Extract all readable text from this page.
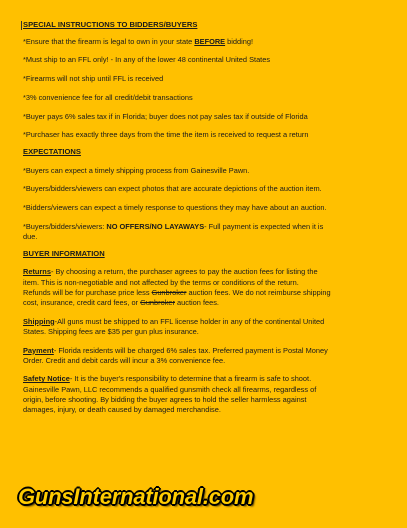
SPECIAL INSTRUCTIONS TO BIDDERS/BUYERS

*Ensure that the firearm is legal to own in your state BEFORE bidding!

*Must ship to an FFL only! - In any of the lower 48 continental United States

*Firearms will not ship until FFL is received

*3% convenience fee for all credit/debit transactions

*Buyer pays 6% sales tax if in Florida; buyer does not pay sales tax if outside of Florida

*Purchaser has exactly three days from the time the item is received to request a return

EXPECTATIONS

*Buyers can expect a timely shipping process from Gainesville Pawn.

*Buyers/bidders/viewers can expect photos that are accurate depictions of the auction item.

*Bidders/viewers can expect a timely response to questions they may have about an auction.

*Buyers/bidders/viewers: NO OFFERS/NO LAYAWAYS- Full payment is expected when it is

due.

BUYER INFORMATION

Returns- By choosing a return, the purchaser agrees to pay the auction fees for listing the

item. This is non-negotiable and not affected by the terms or conditions of the return.

Refunds will be for purchase price less Gunbroker auction fees. We do not reimburse shipping

cost, insurance, credit card fees, or Gunbroker auction fees.

Shipping-All guns must be shipped to an FFL license holder in any of the continental United

States. Shipping fees are $35 per gun plus insurance.

Payment- Florida residents will be charged 6% sales tax. Preferred payment is Postal Money

Order. Credit and debit cards will incur a 3% convenience fee.

Safety Notice- It is the buyer's responsibility to determine that a firearm is safe to shoot.

Gainesville Pawn, LLC recommends a qualified gunsmith check all firearms, regardless of

origin, before shooting. By bidding the buyer agrees to hold the seller harmless against

damages, injury, or death caused by damaged merchandise.

GunsInternational.com
